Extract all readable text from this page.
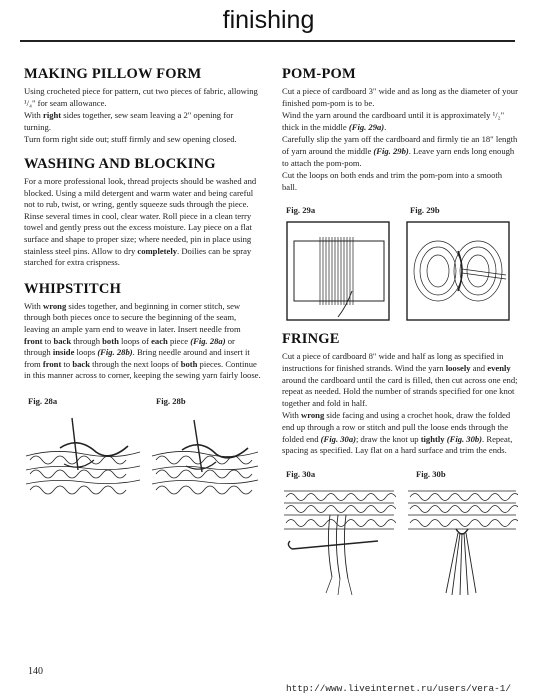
finishing
MAKING PILLOW FORM

Using crocheted piece for pattern, cut two pieces of fabric, allowing ¹/₄" for seam allowance.

With right sides together, sew seam leaving a 2" opening for turning.

Turn form right side out; stuff firmly and sew opening closed.

WASHING AND BLOCKING

For a more professional look, thread projects should be washed and blocked. Using a mild detergent and warm water and being careful not to rub, twist, or wring, gently squeeze suds through the piece. Rinse several times in cool, clear water. Roll piece in a clean terry towel and gently press out the excess moisture. Lay piece on a flat surface and shape to proper size; where needed, pin in place using stainless steel pins. Allow to dry completely. Doilies can be spray starched for extra crispness.

WHIPSTITCH

With wrong sides together, and beginning in corner stitch, sew through both pieces once to secure the beginning of the seam, leaving an ample yarn end to weave in later. Insert needle from front to back through both loops of each piece (Fig. 28a) or through inside loops (Fig. 28b). Bring needle around and insert it from front to back through the next loops of both pieces. Continue in this manner across to corner, keeping the sewing yarn fairly loose.

Fig. 28a	Fig. 28b
POM-POM

Cut a piece of cardboard 3" wide and as long as the diameter of your finished pom-pom is to be.

Wind the yarn around the cardboard until it is approximately ¹/₂" thick in the middle (Fig. 29a).

Carefully slip the yarn off the cardboard and firmly tie an 18" length of yarn around the middle (Fig. 29b). Leave yarn ends long enough to attach the pom-pom.

Cut the loops on both ends and trim the pom-pom into a smooth ball.

Fig. 29a	Fig. 29b
FRINGE

Cut a piece of cardboard 8" wide and half as long as specified in instructions for finished strands. Wind the yarn loosely and evenly around the cardboard until the card is filled, then cut across one end; repeat as needed. Hold the number of strands specified for one knot together and fold in half.

With wrong side facing and using a crochet hook, draw the folded end up through a row or stitch and pull the loose ends through the folded end (Fig. 30a); draw the knot up tightly (Fig. 30b). Repeat, spacing as specified. Lay flat on a hard surface and trim the ends.

Fig. 30a	Fig. 30b
140
http://www.liveinternet.ru/users/vera-1/
